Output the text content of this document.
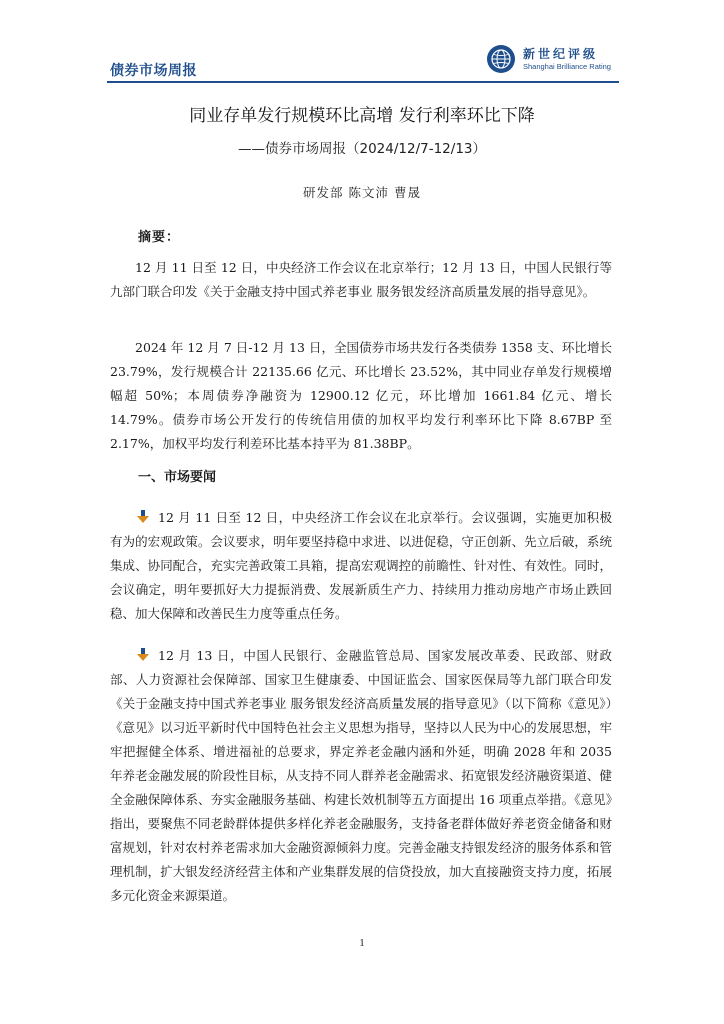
债券市场周报
新世纪评级
Shanghai Brilliance Rating
同业存单发行规模环比高增 发行利率环比下降
——债券市场周报（2024/12/7-12/13）
研发部 陈文沛 曹晟
摘要：

12 月 11 日至 12 日，中央经济工作会议在北京举行；12 月 13 日，中国人民银行等九部门联合印发《关于金融支持中国式养老事业 服务银发经济高质量发展的指导意见》。

2024 年 12 月 7 日-12 月 13 日，全国债券市场共发行各类债券 1358 支、环比增长 23.79%，发行规模合计 22135.66 亿元、环比增长 23.52%，其中同业存单发行规模增幅超 50%；本周债券净融资为 12900.12 亿元，环比增加 1661.84 亿元、增长 14.79%。债券市场公开发行的传统信用债的加权平均发行利率环比下降 8.67BP 至 2.17%，加权平均发行利差环比基本持平为 81.38BP。

一、市场要闻

12 月 11 日至 12 日，中央经济工作会议在北京举行。会议强调，实施更加积极有为的宏观政策。会议要求，明年要坚持稳中求进、以进促稳，守正创新、先立后破，系统集成、协同配合，充实完善政策工具箱，提高宏观调控的前瞻性、针对性、有效性。同时，会议确定，明年要抓好大力提振消费、发展新质生产力、持续用力推动房地产市场止跌回稳、加大保障和改善民生力度等重点任务。

12 月 13 日，中国人民银行、金融监管总局、国家发展改革委、民政部、财政部、人力资源社会保障部、国家卫生健康委、中国证监会、国家医保局等九部门联合印发《关于金融支持中国式养老事业 服务银发经济高质量发展的指导意见》（以下简称《意见》）《意见》以习近平新时代中国特色社会主义思想为指导，坚持以人民为中心的发展思想，牢牢把握健全体系、增进福祉的总要求，界定养老金融内涵和外延，明确 2028 年和 2035 年养老金融发展的阶段性目标，从支持不同人群养老金融需求、拓宽银发经济融资渠道、健全金融保障体系、夯实金融服务基础、构建长效机制等五方面提出 16 项重点举措。《意见》指出，要聚焦不同老龄群体提供多样化养老金融服务，支持备老群体做好养老资金储备和财富规划，针对农村养老需求加大金融资源倾斜力度。完善金融支持银发经济的服务体系和管理机制，扩大银发经济经营主体和产业集群发展的信贷投放，加大直接融资支持力度，拓展多元化资金来源渠道。

1
